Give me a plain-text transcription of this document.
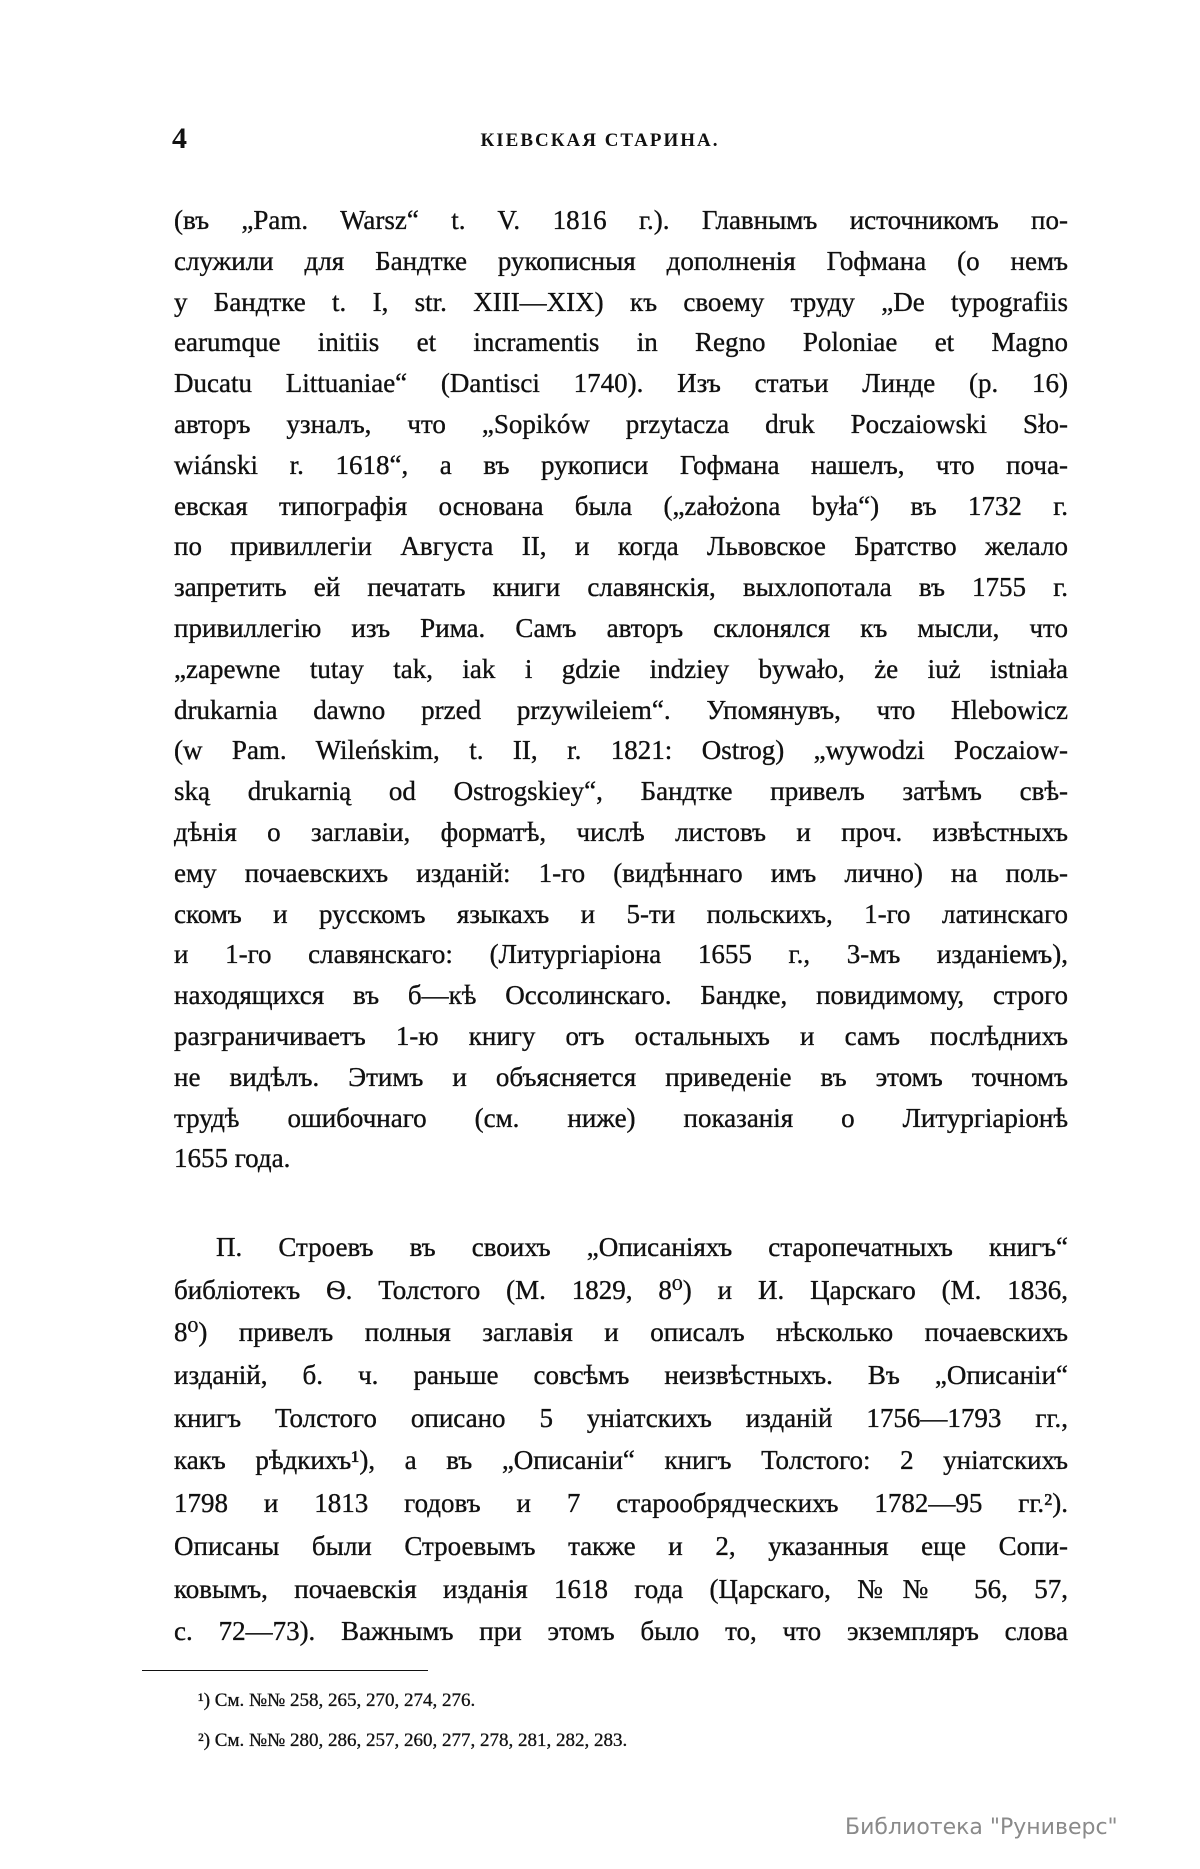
4	КІЕВСКАЯ СТАРИНА.
(въ „Pam. Warsz“ t. V. 1816 г.). Главнымъ источникомъ по-
служили для Бандтке рукописныя дополненія Гофмана (о немъ
у Бандтке t. I, str. XIII—XIX) къ своему труду „De typografiis
earumque initiis et incramentis in Regno Poloniae et Magno
Ducatu Littuaniae“ (Dantisci 1740). Изъ статьи Линде (p. 16)
авторъ узналъ, что „Sopików przytacza druk Poczaiowski Sło-
wiánski r. 1618“, а въ рукописи Гофмана нашелъ, что поча-
евская типографія основана была („założona była“) въ 1732 г.
по привиллегіи Августа II, и когда Львовское Братство желало
запретить ей печатать книги славянскія, выхлопотала въ 1755 г.
привиллегію изъ Рима. Самъ авторъ склонялся къ мысли, что
„zapewne tutay tak, iak i gdzie indziey bywało, że iuż istniała
drukarnia dawno przed przywileiem“. Упомянувъ, что Hlebowicz
(w Pam. Wileńskim, t. II, r. 1821: Ostrog) „wywodzi Poczaiow-
ską drukarnią od Ostrogskiey“, Бандтке привелъ затѣмъ свѣ-
дѣнія о заглавіи, форматѣ, числѣ листовъ и проч. извѣстныхъ
ему почаевскихъ изданій: 1-го (видѣннаго имъ лично) на поль-
скомъ и русскомъ языкахъ и 5-ти польскихъ, 1-го латинскаго
и 1-го славянскаго: (Литургіаріона 1655 г., 3-мъ изданіемъ),
находящихся въ б—кѣ Оссолинскаго. Бандке, повидимому, строго
разграничиваетъ 1-ю книгу отъ остальныхъ и самъ послѣднихъ
не видѣлъ. Этимъ и объясняется приведеніе въ этомъ точномъ
трудѣ ошибочнаго (см. ниже) показанія о Литургіаріонѣ
1655 года.
П. Строевъ въ своихъ „Описаніяхъ старопечатныхъ книгъ“
библіотекъ Ѳ. Толстого (М. 1829, 8⁰) и И. Царскаго (М. 1836,
8⁰) привелъ полныя заглавія и описалъ нѣсколько почаевскихъ
изданій, б. ч. раньше совсѣмъ неизвѣстныхъ. Въ „Описаніи“
книгъ Толстого описано 5 уніатскихъ изданій 1756—1793 гг.,
какъ рѣдкихъ¹), а въ „Описаніи“ книгъ Толстого: 2 уніатскихъ
1798 и 1813 годовъ и 7 старообрядческихъ 1782—95 гг.²).
Описаны были Строевымъ также и 2, указанныя еще Сопи-
ковымъ, почаевскія изданія 1618 года (Царскаго, №№ 56, 57,
с. 72—73). Важнымъ при этомъ было то, что экземпляръ слова
¹) См. №№ 258, 265, 270, 274, 276.
²) См. №№ 280, 286, 257, 260, 277, 278, 281, 282, 283.
Библиотека "Руниверс"
